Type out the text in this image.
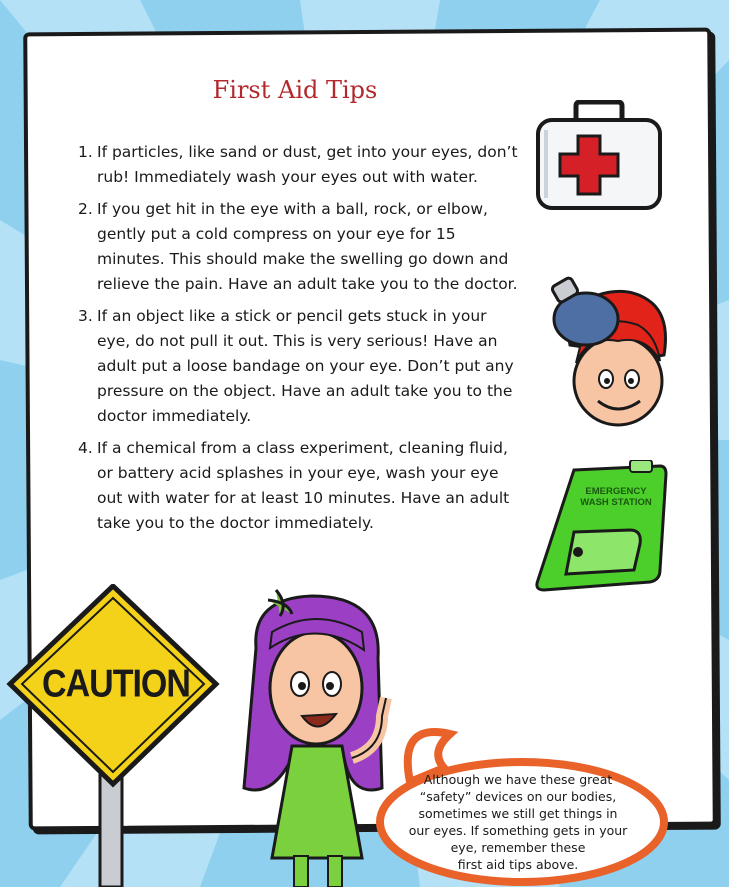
First Aid Tips
1. If particles, like sand or dust, get into your eyes, don’t rub! Immediately wash your eyes out with water.
2. If you get hit in the eye with a ball, rock, or elbow, gently put a cold compress on your eye for 15 minutes. This should make the swelling go down and relieve the pain. Have an adult take you to the doctor.
3. If an object like a stick or pencil gets stuck in your eye, do not pull it out. This is very serious! Have an adult put a loose bandage on your eye. Don’t put any pressure on the object. Have an adult take you to the doctor immediately.
4. If a chemical from a class experiment, cleaning fluid, or battery acid splashes in your eye, wash your eye out with water for at least 10 minutes. Have an adult take you to the doctor immediately.
EMERGENCY
WASH STATION
CAUTION
Although we have these great
“safety” devices on our bodies,
sometimes we still get things in
our eyes. If something gets in your
eye, remember these
first aid tips above.
